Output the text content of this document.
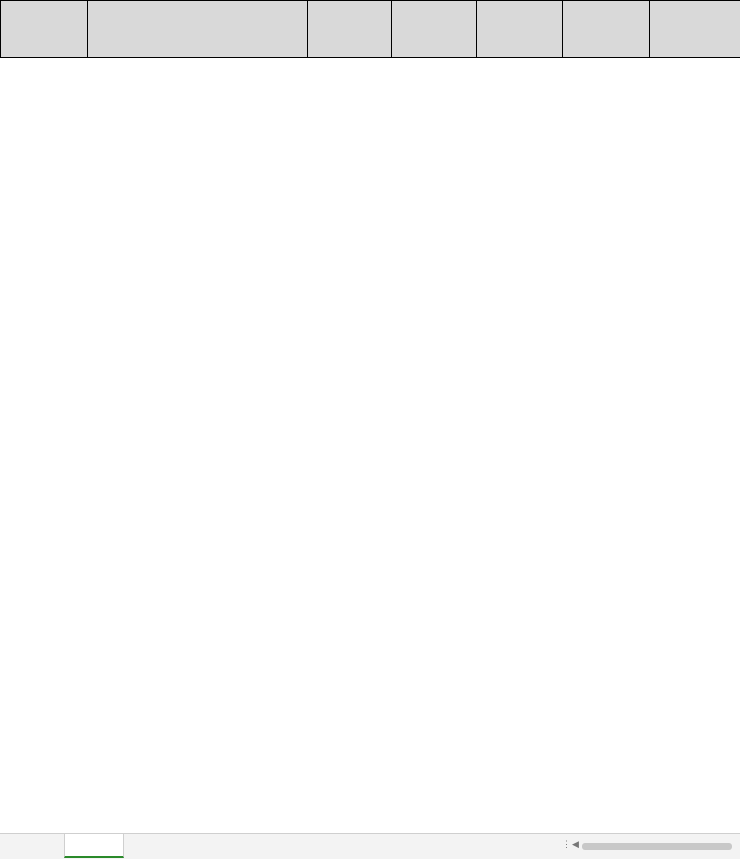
⋮ ◀
